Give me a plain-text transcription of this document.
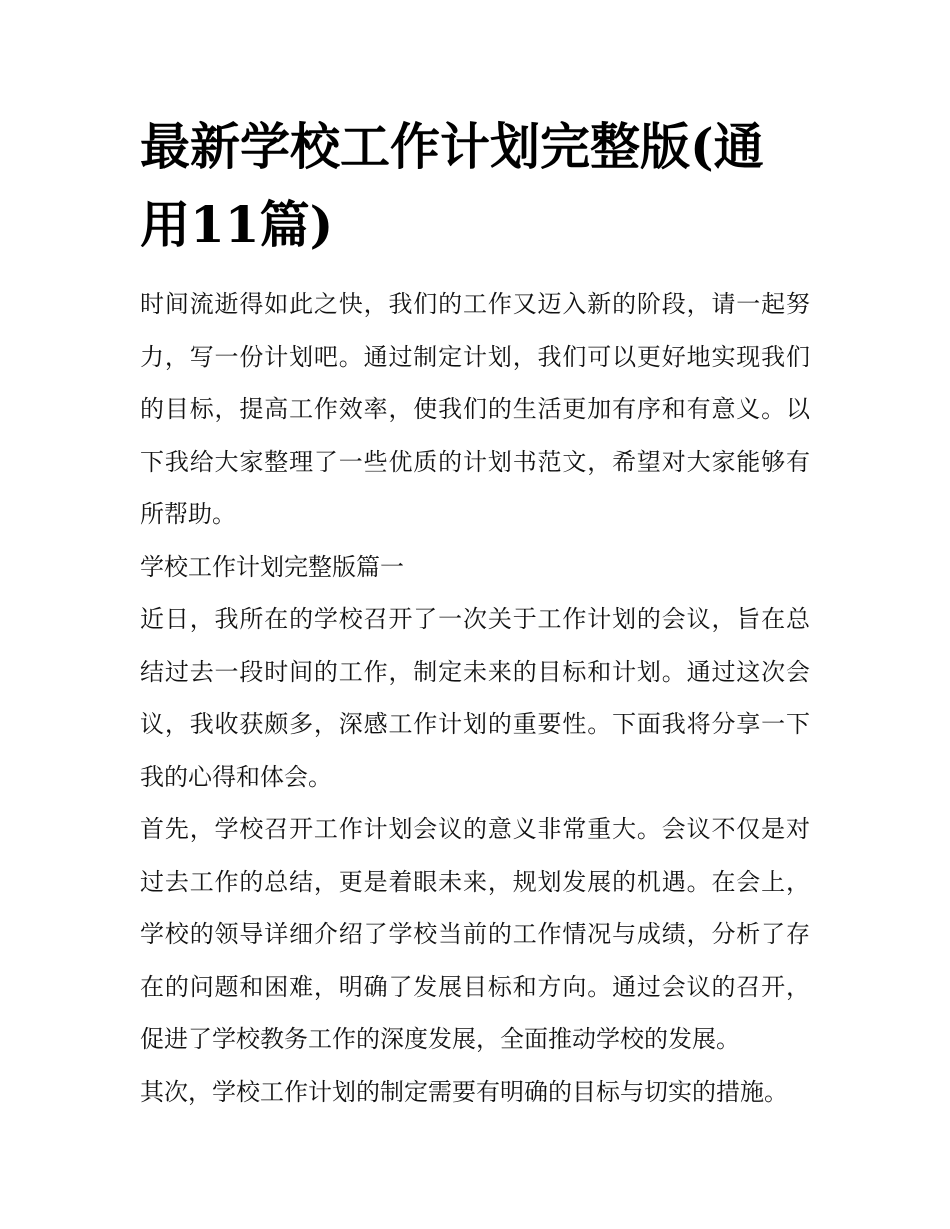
最新学校工作计划完整版(通用11篇)

时间流逝得如此之快，我们的工作又迈入新的阶段，请一起努力，写一份计划吧。通过制定计划，我们可以更好地实现我们的目标，提高工作效率，使我们的生活更加有序和有意义。以下我给大家整理了一些优质的计划书范文，希望对大家能够有所帮助。

学校工作计划完整版篇一

近日，我所在的学校召开了一次关于工作计划的会议，旨在总结过去一段时间的工作，制定未来的目标和计划。通过这次会议，我收获颇多，深感工作计划的重要性。下面我将分享一下我的心得和体会。

首先，学校召开工作计划会议的意义非常重大。会议不仅是对过去工作的总结，更是着眼未来，规划发展的机遇。在会上，学校的领导详细介绍了学校当前的工作情况与成绩，分析了存在的问题和困难，明确了发展目标和方向。通过会议的召开，促进了学校教务工作的深度发展，全面推动学校的发展。

其次，学校工作计划的制定需要有明确的目标与切实的措施。
